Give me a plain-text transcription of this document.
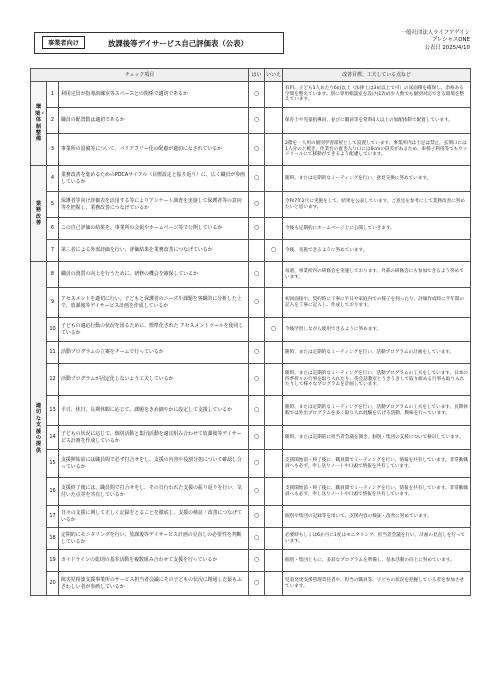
事業者向け	放課後等デイサービス自己評価表（公表）
一般社団法人ライフアゲイン
プレシャスONE
公表日 2025/4/10
チェック項目			はい	いいえ	改善目標、工夫している点など

環境・体制整備	1	利用定員が指導訓練室等スペースとの関係で適切であるか	○		有料。子ども1人あたり6㎡以上（法律上は3㎡以上で可）の床面積を確保し、余裕ある空間を整えています。別に専用相談室を設け(17㎡)少人数でも個別対応できる環境を整えています。
	2	職員の配置数は適切であるか	○		保育士や児童指導員、並びに職員等を常時4人以上の加配体制で配置しています。
	3	事業所の設備等について、バリアフリー化の配慮が適切になされているか	○		2階を一人用の個別学習部屋として設置しています。事業所内は土足は禁止。玄関口には1人分の上履き、作業台の置き入り口には6cmの段差があるため、車椅子利用等でもウッドリールにて移動ができるよう配慮しています。

業務改善	4	業務改善を進めるためのPDCAサイクル（目標設定と振り返り）に、広く職員が参画しているか	○		随時、または定期的なミーティングを行い、意見交換に努めています。
	5	保護者等向け評価表を活用する等によりアンケート調査を実施して保護者等の意向等を把握し、業務改善につなげているか	○		令和7年2月に実施をして、結果を公表しています。ご意見を参考にして業務改善に努めたいと思います。
	6	この自己評価の結果を、事業所の会報やホームページ等で公開しているか	○		今後も定期的にホームページ上に公開していきます。
	7	第三者による外部評価を行い、評価結果を業務改善につなげているか		○	今後、実施できるように努めています。

適切な支援の提供	8	職員の資質の向上を行うために、研修の機会を確保しているか	○		毎週、事業所内の研修会を実施しております。外部の研修会にも参加できるよう努めています。
	9	アセスメントを適切に行い、子どもと保護者のニーズや課題を客観的に分析した上で、放課後等デイサービス計画を作成しているか	○		初回面接や、契約時に丁寧に半日や家庭内での様子を伺ったり、評価作成時に半年間の記入を丁寧に記入し、作成しております。
	10	子どもの適応行動の状況を図るために、標準化された アセスメントツールを使用しているか		○	今後学習しながら使用できるように努めます。
	11	活動プログラムの立案をチームで行っているか	○		随時、または定期的なミーティングを行い、活動プログラムの計画をしています。
	12	活動プログラムが固定化しないよう工夫しているか	○		随時、または定期的なミーティングを行い、活動プログラムの工夫をしています。日本の四季折々の行事を取り入れたり、英会話教室とうきうきして取り組める行事も取り入れたりして様々なプログラムを計画しています。
	13	平日、休日、長期休暇に応じて、課題をきめ細やかに設定して支援しているか	○		随時、または定期的なミーティングを行い、活動プログラムの工夫をしています。長期休暇では外出プログラムを多く取り入れ経験を広げる活動、興味を行っています。
	14	子どもの状況に応じて、個別活動と集団活動を適宜組み合わせて放課後等デイサービス計画を作成しているか	○		随時、または定期的に担当者会議を開き、個別・集団の支援について検討しています。
	15	支援開始前には職員間で必ず打合せをし、支援の内容や役割分担について確認し合っているか	○		支援開始前・終了後に、職員間でミーティングを行い、情報を共有しています。非常勤職員へも必ず、申し送りノートや口頭で情報を共有しています。
	16	支援終了後には、職員間で打合せをし、その日行われた支援の振り返りを行い、気付いた点等を共有しているか	○		支援開始前・終了後に、職員間でミーティングを行い、情報を共有しています。非常勤職員へも必ず、申し送りノートや口頭で情報を共有しています。
	17	日々の支援に関して正しく記録をとることを徹底し、支援の検証・改善につなげているか	○		個別や集団の記録等を用いて、支援内容の検証・改善に努めています。
	18	定期的にモニタリングを行い、放課後等デイサービス計画の見直しの必要性を判断しているか	○		必要時もしくは6か月に1度はモニタリング、担当者会議を行い、計画の見直しを行っています。
	19	ガイドラインの総則の基本活動を複数組み合わせて支援を行っているか	○		個別・集団ともに、多彩なプログラムを準備し、基本活動の向上に努めています。
	20	障害児相談支援事業所のサービス担当者会議にその子どもの状況に精通した最もふさわしい者が参画しているか	○		児童発達支援管理責任者や、担当の職員等、子どもの状況を把握している者を参加させています。
